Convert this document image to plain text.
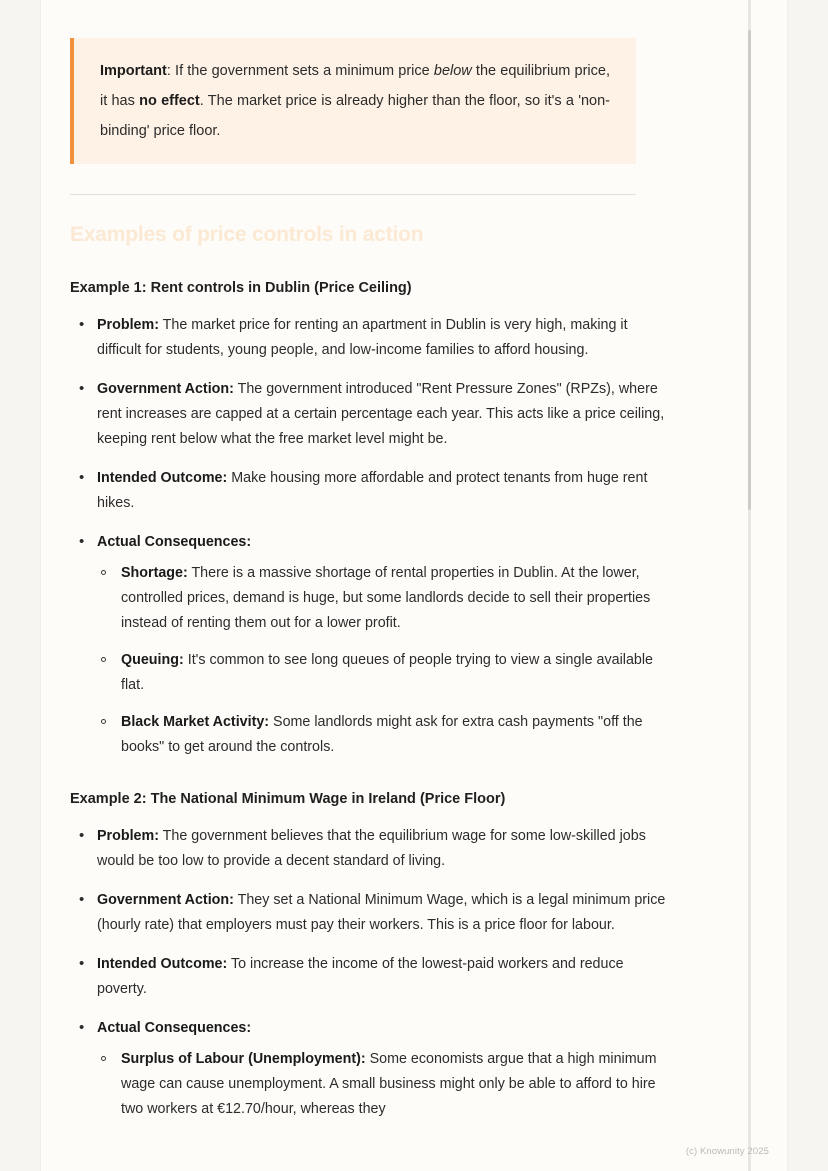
Important: If the government sets a minimum price below the equilibrium price, it has no effect. The market price is already higher than the floor, so it's a 'non-binding' price floor.

Examples of price controls in action
Example 1: Rent controls in Dublin (Price Ceiling)
• Problem: The market price for renting an apartment in Dublin is very high, making it difficult for students, young people, and low-income families to afford housing.
• Government Action: The government introduced "Rent Pressure Zones" (RPZs), where rent increases are capped at a certain percentage each year. This acts like a price ceiling, keeping rent below what the free market level might be.
• Intended Outcome: Make housing more affordable and protect tenants from huge rent hikes.
• Actual Consequences:
Shortage: There is a massive shortage of rental properties in Dublin. At the lower, controlled prices, demand is huge, but some landlords decide to sell their properties instead of renting them out for a lower profit.
Queuing: It's common to see long queues of people trying to view a single available flat.
Black Market Activity: Some landlords might ask for extra cash payments "off the books" to get around the controls.
Example 2: The National Minimum Wage in Ireland (Price Floor)
• Problem: The government believes that the equilibrium wage for some low-skilled jobs would be too low to provide a decent standard of living.
• Government Action: They set a National Minimum Wage, which is a legal minimum price (hourly rate) that employers must pay their workers. This is a price floor for labour.
• Intended Outcome: To increase the income of the lowest-paid workers and reduce poverty.
• Actual Consequences:
Surplus of Labour (Unemployment): Some economists argue that a high minimum wage can cause unemployment. A small business might only be able to afford to hire two workers at €12.70/hour, whereas they
(c) Knowunity 2025
